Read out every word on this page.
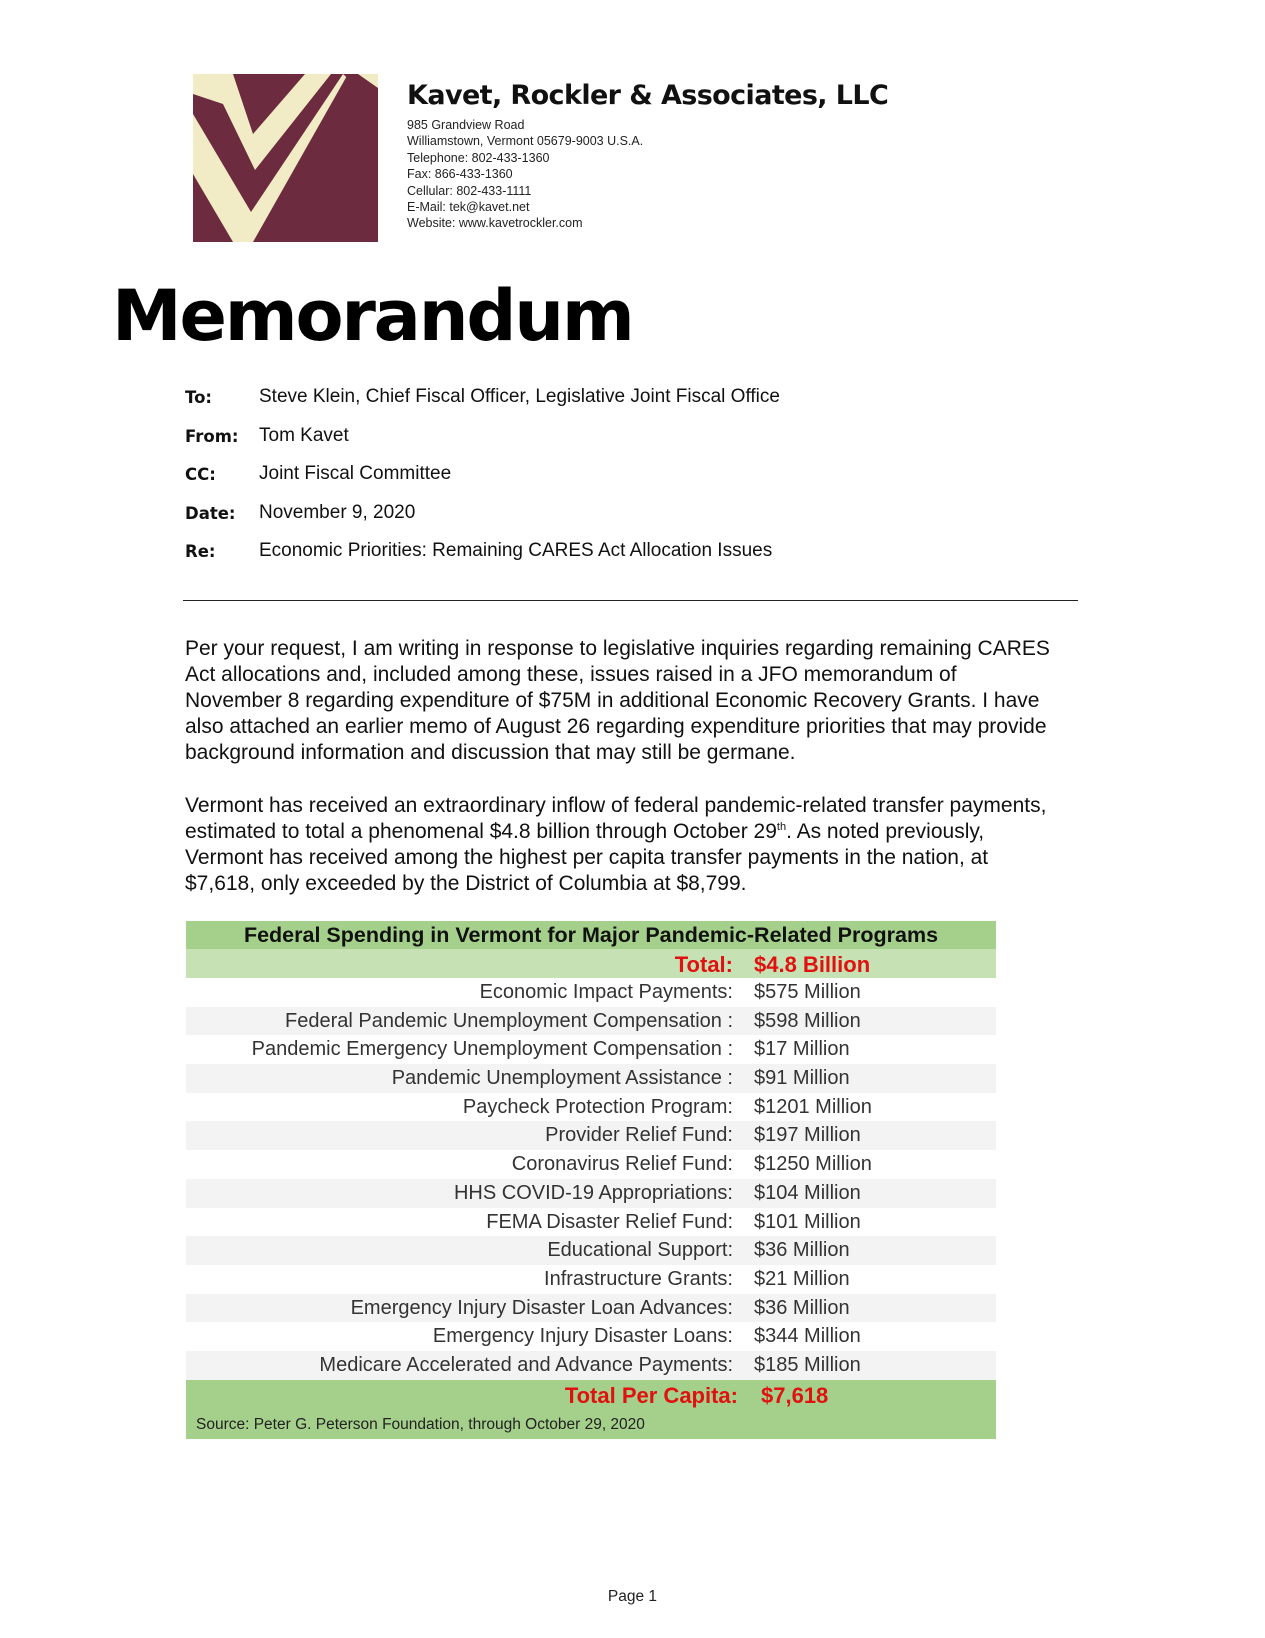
Kavet, Rockler & Associates, LLC
985 Grandview Road
Williamstown, Vermont 05679-9003 U.S.A.
Telephone: 802-433-1360
Fax: 866-433-1360
Cellular: 802-433-1111
E-Mail: tek@kavet.net
Website: www.kavetrockler.com
Memorandum
To: Steve Klein, Chief Fiscal Officer, Legislative Joint Fiscal Office
From: Tom Kavet
CC: Joint Fiscal Committee
Date: November 9, 2020
Re: Economic Priorities: Remaining CARES Act Allocation Issues

Per your request, I am writing in response to legislative inquiries regarding remaining CARES
Act allocations and, included among these, issues raised in a JFO memorandum of
November 8 regarding expenditure of $75M in additional Economic Recovery Grants. I have
also attached an earlier memo of August 26 regarding expenditure priorities that may provide
background information and discussion that may still be germane.

Vermont has received an extraordinary inflow of federal pandemic-related transfer payments,
estimated to total a phenomenal $4.8 billion through October 29th. As noted previously,
Vermont has received among the highest per capita transfer payments in the nation, at
$7,618, only exceeded by the District of Columbia at $8,799.

Federal Spending in Vermont for Major Pandemic-Related Programs
Total: $4.8 Billion
Economic Impact Payments: $575 Million
Federal Pandemic Unemployment Compensation : $598 Million
Pandemic Emergency Unemployment Compensation : $17 Million
Pandemic Unemployment Assistance : $91 Million
Paycheck Protection Program: $1201 Million
Provider Relief Fund: $197 Million
Coronavirus Relief Fund: $1250 Million
HHS COVID-19 Appropriations: $104 Million
FEMA Disaster Relief Fund: $101 Million
Educational Support: $36 Million
Infrastructure Grants: $21 Million
Emergency Injury Disaster Loan Advances: $36 Million
Emergency Injury Disaster Loans: $344 Million
Medicare Accelerated and Advance Payments: $185 Million
Total Per Capita: $7,618
Source: Peter G. Peterson Foundation, through October 29, 2020
Page 1
